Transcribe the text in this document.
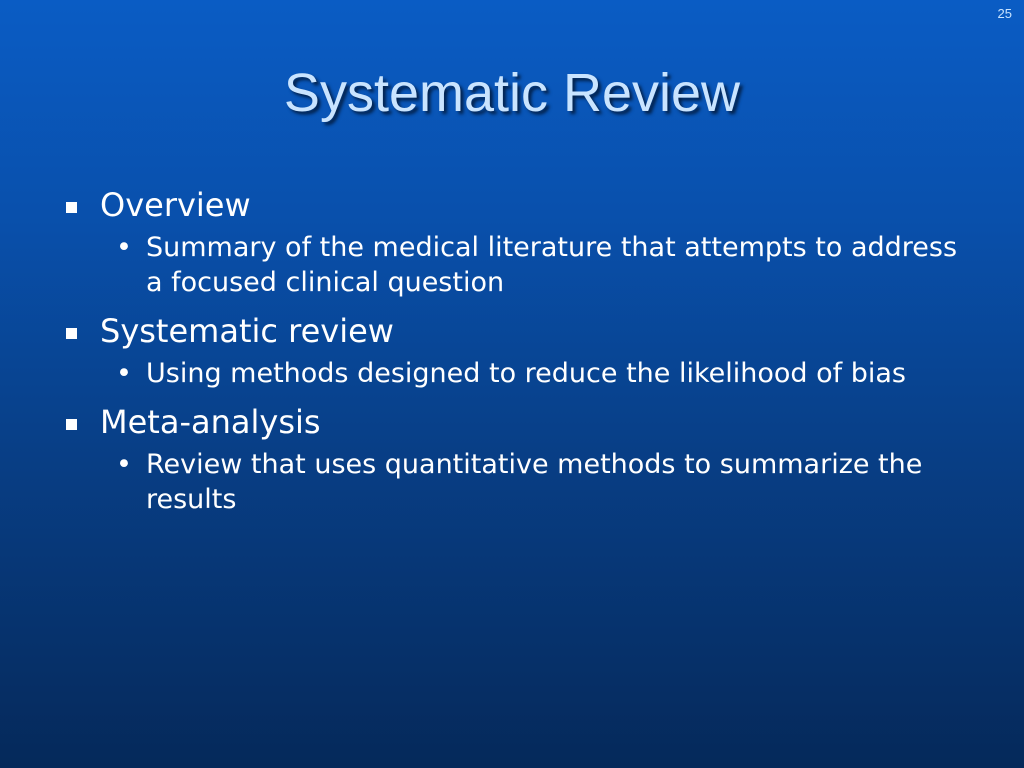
25
Systematic Review
Overview
• Summary of the medical literature that attempts to address a focused clinical question
Systematic review
• Using methods designed to reduce the likelihood of bias
Meta-analysis
• Review that uses quantitative methods to summarize the results
